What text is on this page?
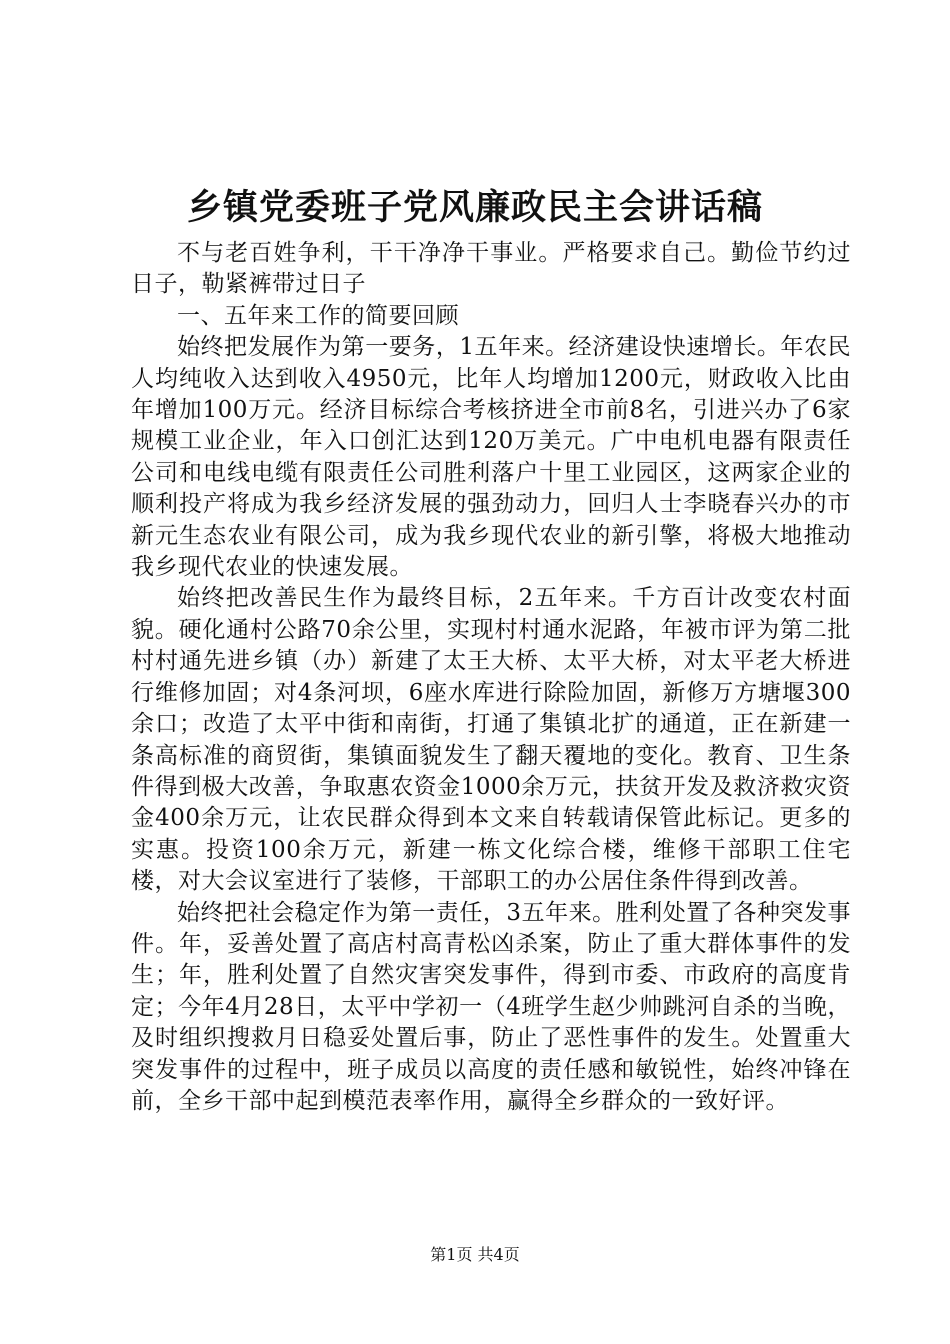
乡镇党委班子党风廉政民主会讲话稿

不与老百姓争利，干干净净干事业。严格要求自己。勤俭节约过日子，勒紧裤带过日子

一、五年来工作的简要回顾

始终把发展作为第一要务，1五年来。经济建设快速增长。年农民人均纯收入达到收入4950元，比年人均增加1200元，财政收入比由年增加100万元。经济目标综合考核挤进全市前8名，引进兴办了6家规模工业企业，年入口创汇达到120万美元。广中电机电器有限责任公司和电线电缆有限责任公司胜利落户十里工业园区，这两家企业的顺利投产将成为我乡经济发展的强劲动力，回归人士李晓春兴办的市新元生态农业有限公司，成为我乡现代农业的新引擎，将极大地推动我乡现代农业的快速发展。

始终把改善民生作为最终目标，2五年来。千方百计改变农村面貌。硬化通村公路70余公里，实现村村通水泥路，年被市评为第二批村村通先进乡镇（办）新建了太王大桥、太平大桥，对太平老大桥进行维修加固；对4条河坝，6座水库进行除险加固，新修万方塘堰300余口；改造了太平中街和南街，打通了集镇北扩的通道，正在新建一条高标准的商贸街，集镇面貌发生了翻天覆地的变化。教育、卫生条件得到极大改善，争取惠农资金1000余万元，扶贫开发及救济救灾资金400余万元，让农民群众得到本文来自转载请保管此标记。更多的实惠。投资100余万元，新建一栋文化综合楼，维修干部职工住宅楼，对大会议室进行了装修，干部职工的办公居住条件得到改善。

始终把社会稳定作为第一责任，3五年来。胜利处置了各种突发事件。年，妥善处置了高店村高青松凶杀案，防止了重大群体事件的发生；年，胜利处置了自然灾害突发事件，得到市委、市政府的高度肯定；今年4月28日，太平中学初一（4班学生赵少帅跳河自杀的当晚，及时组织搜救月日稳妥处置后事，防止了恶性事件的发生。处置重大突发事件的过程中，班子成员以高度的责任感和敏锐性，始终冲锋在前，全乡干部中起到模范表率作用，赢得全乡群众的一致好评。

第1页 共4页
